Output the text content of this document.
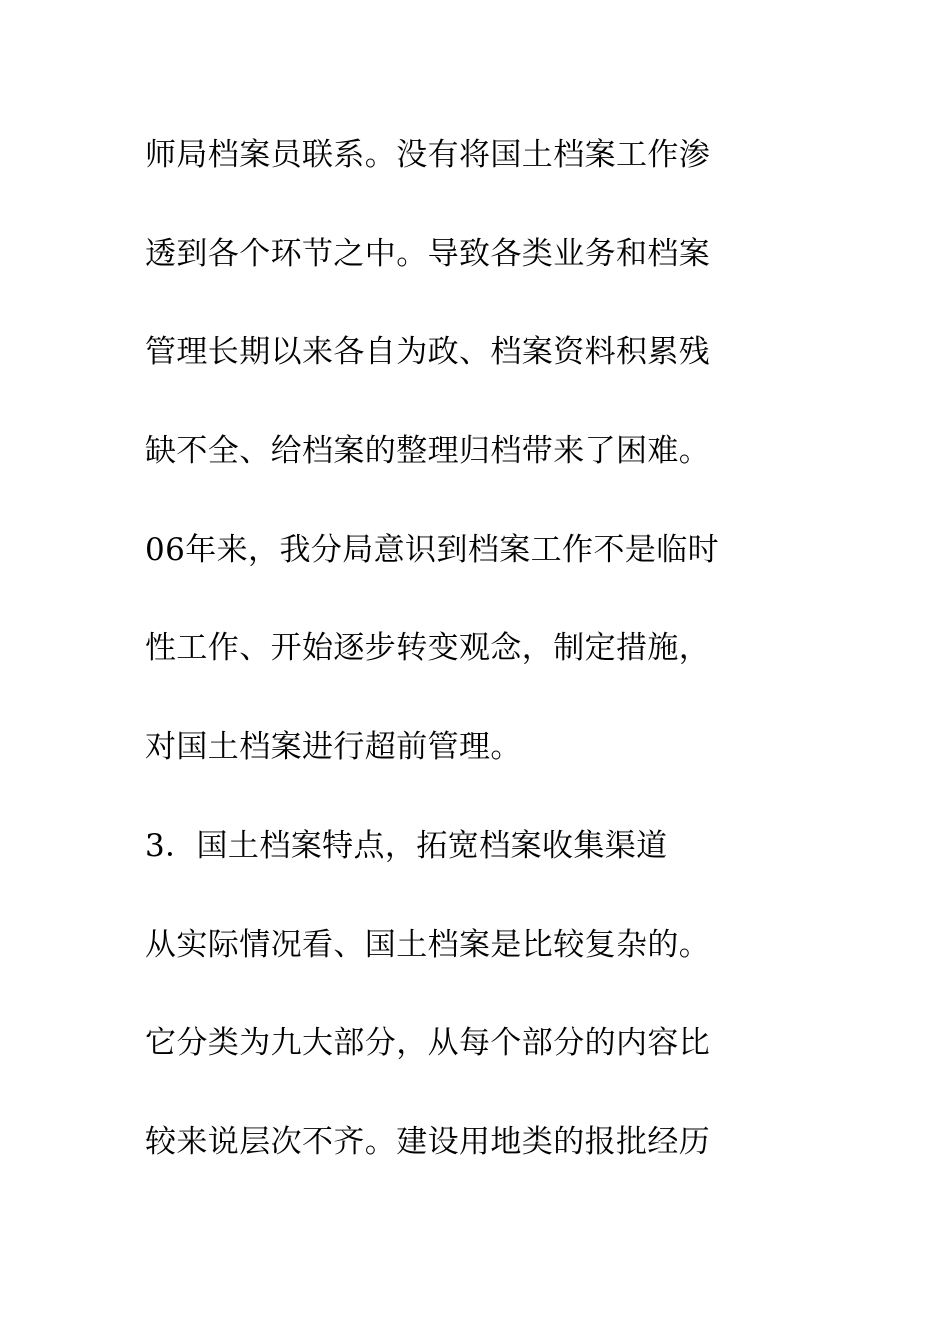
师局档案员联系。没有将国土档案工作渗
透到各个环节之中。导致各类业务和档案
管理长期以来各自为政、档案资料积累残
缺不全、给档案的整理归档带来了困难。
06年来，我分局意识到档案工作不是临时
性工作、开始逐步转变观念，制定措施，
对国土档案进行超前管理。
3．国土档案特点，拓宽档案收集渠道
从实际情况看、国土档案是比较复杂的。
它分类为九大部分，从每个部分的内容比
较来说层次不齐。建设用地类的报批经历
